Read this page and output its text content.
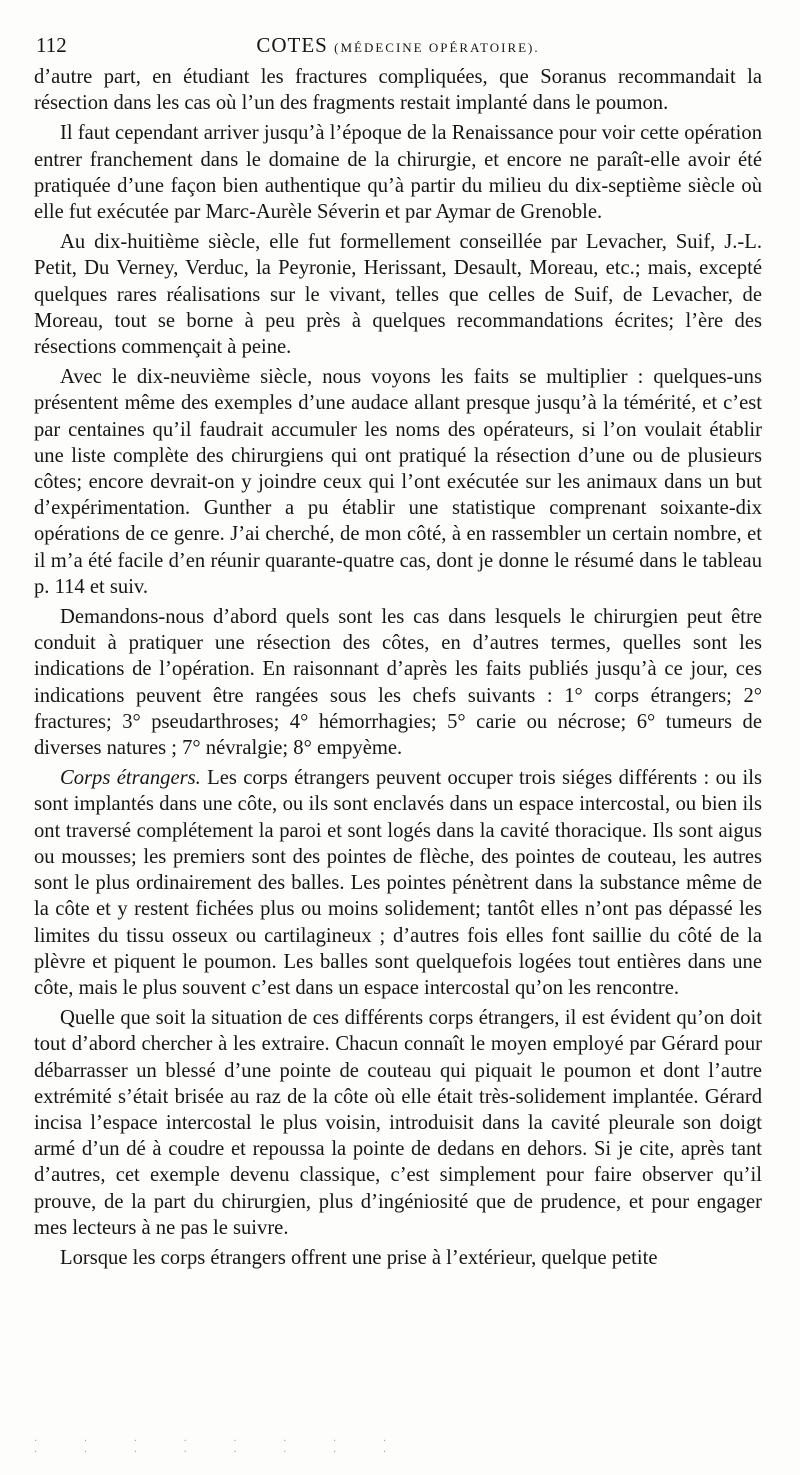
112	COTES (MÉDECINE OPÉRATOIRE).

d’autre part, en étudiant les fractures compliquées, que Soranus recommandait la résection dans les cas où l’un des fragments restait implanté dans le poumon.

Il faut cependant arriver jusqu’à l’époque de la Renaissance pour voir cette opération entrer franchement dans le domaine de la chirurgie, et encore ne paraît-elle avoir été pratiquée d’une façon bien authentique qu’à partir du milieu du dix-septième siècle où elle fut exécutée par Marc-Aurèle Séverin et par Aymar de Grenoble.

Au dix-huitième siècle, elle fut formellement conseillée par Levacher, Suif, J.-L. Petit, Du Verney, Verduc, la Peyronie, Herissant, Desault, Moreau, etc.; mais, excepté quelques rares réalisations sur le vivant, telles que celles de Suif, de Levacher, de Moreau, tout se borne à peu près à quelques recommandations écrites; l’ère des résections commençait à peine.

Avec le dix-neuvième siècle, nous voyons les faits se multiplier : quelques-uns présentent même des exemples d’une audace allant presque jusqu’à la témérité, et c’est par centaines qu’il faudrait accumuler les noms des opérateurs, si l’on voulait établir une liste complète des chirurgiens qui ont pratiqué la résection d’une ou de plusieurs côtes; encore devrait-on y joindre ceux qui l’ont exécutée sur les animaux dans un but d’expérimentation. Gunther a pu établir une statistique comprenant soixante-dix opérations de ce genre. J’ai cherché, de mon côté, à en rassembler un certain nombre, et il m’a été facile d’en réunir quarante-quatre cas, dont je donne le résumé dans le tableau p. 114 et suiv.

Demandons-nous d’abord quels sont les cas dans lesquels le chirurgien peut être conduit à pratiquer une résection des côtes, en d’autres termes, quelles sont les indications de l’opération. En raisonnant d’après les faits publiés jusqu’à ce jour, ces indications peuvent être rangées sous les chefs suivants : 1° corps étrangers; 2° fractures; 3° pseudarthroses; 4° hémorrhagies; 5° carie ou nécrose; 6° tumeurs de diverses natures ; 7° névralgie; 8° empyème.

Corps étrangers. Les corps étrangers peuvent occuper trois siéges différents : ou ils sont implantés dans une côte, ou ils sont enclavés dans un espace intercostal, ou bien ils ont traversé complétement la paroi et sont logés dans la cavité thoracique. Ils sont aigus ou mousses; les premiers sont des pointes de flèche, des pointes de couteau, les autres sont le plus ordinairement des balles. Les pointes pénètrent dans la substance même de la côte et y restent fichées plus ou moins solidement; tantôt elles n’ont pas dépassé les limites du tissu osseux ou cartilagineux ; d’autres fois elles font saillie du côté de la plèvre et piquent le poumon. Les balles sont quelquefois logées tout entières dans une côte, mais le plus souvent c’est dans un espace intercostal qu’on les rencontre.

Quelle que soit la situation de ces différents corps étrangers, il est évident qu’on doit tout d’abord chercher à les extraire. Chacun connaît le moyen employé par Gérard pour débarrasser un blessé d’une pointe de couteau qui piquait le poumon et dont l’autre extrémité s’était brisée au raz de la côte où elle était très-solidement implantée. Gérard incisa l’espace intercostal le plus voisin, introduisit dans la cavité pleurale son doigt armé d’un dé à coudre et repoussa la pointe de dedans en dehors. Si je cite, après tant d’autres, cet exemple devenu classique, c’est simplement pour faire observer qu’il prouve, de la part du chirurgien, plus d’ingéniosité que de prudence, et pour engager mes lecteurs à ne pas le suivre.

Lorsque les corps étrangers offrent une prise à l’extérieur, quelque petite

· · · · · · · · · · · · · · · ·
